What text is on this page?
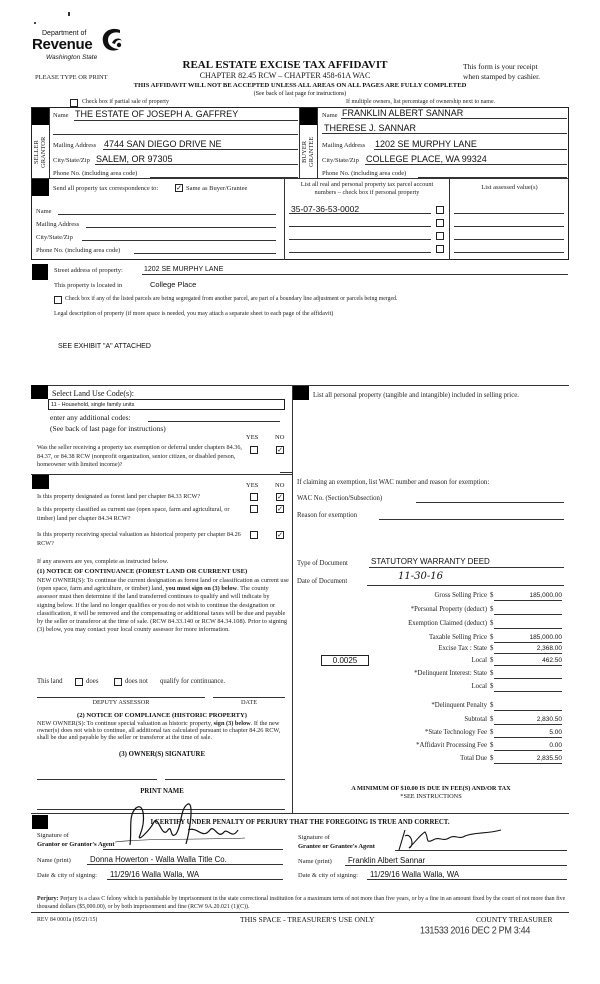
Department of
Revenue
Washington State
PLEASE TYPE OR PRINT
REAL ESTATE EXCISE TAX AFFIDAVIT
CHAPTER 82.45 RCW – CHAPTER 458-61A WAC
This form is your receipt
when stamped by cashier.
THIS AFFIDAVIT WILL NOT BE ACCEPTED UNLESS ALL AREAS ON ALL PAGES ARE FULLY COMPLETED
(See back of last page for instructions)
Check box if partial sale of property	If multiple owners, list percentage of ownership next to name.
SELLER
GRANTOR
Name THE ESTATE OF JOSEPH A. GAFFREY
Mailing Address 4744 SAN DIEGO DRIVE NE
City/State/Zip SALEM, OR 97305
Phone No. (including area code)
BUYER
GRANTEE
Name FRANKLIN ALBERT SANNAR
THERESE J. SANNAR
Mailing Address 1202 SE MURPHY LANE
City/State/Zip COLLEGE PLACE, WA 99324
Phone No. (including area code)
Send all property tax correspondence to:	✓ Same as Buyer/Grantee
Name
Mailing Address
City/State/Zip
Phone No. (including area code)
List all real and personal property tax parcel account
numbers – check box if personal property
List assessed value(s)
35-07-36-53-0002
Street address of property:	1202 SE MURPHY LANE
This property is located in	College Place
Check box if any of the listed parcels are being segregated from another parcel, are part of a boundary line adjustment or parcels being merged.
Legal description of property (if more space is needed, you may attach a separate sheet to each page of the affidavit)
SEE EXHIBIT "A" ATTACHED
Select Land Use Code(s):
11 - Household, single family units
enter any additional codes:
(See back of last page for instructions)
YES	NO
Was the seller receiving a property tax exemption or deferral under chapters 84.36, 84.37, or 84.38 RCW (nonprofit organization, senior citizen, or disabled person, homeowner with limited income)?
✓
YES	NO
Is this property designated as forest land per chapter 84.33 RCW?	✓
Is this property classified as current use (open space, farm and agricultural, or timber) land per chapter 84.34 RCW?
✓
Is this property receiving special valuation as historical property per chapter 84.26 RCW?
✓
If any answers are yes, complete as instructed below.
(1) NOTICE OF CONTINUANCE (FOREST LAND OR CURRENT USE)
NEW OWNER(S): To continue the current designation as forest land or classification as current use (open space, farm and agriculture, or timber) land, you must sign on (3) below. The county assessor must then determine if the land transferred continues to qualify and will indicate by signing below. If the land no longer qualifies or you do not wish to continue the designation or classification, it will be removed and the compensating or additional taxes will be due and payable by the seller or transferor at the time of sale. (RCW 84.33.140 or RCW 84.34.108). Prior to signing (3) below, you may contact your local county assessor for more information.
This land	does	does not qualify for continuance.
DEPUTY ASSESSOR	DATE
(2) NOTICE OF COMPLIANCE (HISTORIC PROPERTY)
NEW OWNER(S): To continue special valuation as historic property, sign (3) below. If the new owner(s) does not wish to continue, all additional tax calculated pursuant to chapter 84.26 RCW, shall be due and payable by the seller or transferor at the time of sale.
(3) OWNER(S) SIGNATURE
PRINT NAME
List all personal property (tangible and intangible) included in selling price.
If claiming an exemption, list WAC number and reason for exemption:
WAC No. (Section/Subsection)
Reason for exemption
Type of Document	STATUTORY WARRANTY DEED
Date of Document	11-30-16
Gross Selling Price $	185,000.00
*Personal Property (deduct) $
Exemption Claimed (deduct) $
Taxable Selling Price $	185,000.00
Excise Tax : State $	2,368.00
0.0025	Local $	462.50
*Delinquent Interest: State $
Local $
*Delinquent Penalty $
Subtotal $	2,830.50
*State Technology Fee $	5.00
*Affidavit Processing Fee $	0.00
Total Due $	2,835.50
A MINIMUM OF $10.00 IS DUE IN FEE(S) AND/OR TAX
*SEE INSTRUCTIONS
I CERTIFY UNDER PENALTY OF PERJURY THAT THE FOREGOING IS TRUE AND CORRECT.
Signature of
Grantor or Grantor's Agent
Name (print) Donna Howerton - Walla Walla Title Co.
Date & city of signing: 11/29/16 Walla Walla, WA
Signature of
Grantee or Grantee's Agent
Name (print) Franklin Albert Sannar
Date & city of signing: 11/29/16 Walla Walla, WA
Perjury: Perjury is a class C felony which is punishable by imprisonment in the state correctional institution for a maximum term of not more than five years, or by a fine in an amount fixed by the court of not more than five thousand dollars ($5,000.00), or by both imprisonment and fine (RCW 9A.20.021 (1)(C)).
REV 84 0001a (05/21/15)	THIS SPACE - TREASURER'S USE ONLY	COUNTY TREASURER
131533 2016 DEC 2 PM 3:44
